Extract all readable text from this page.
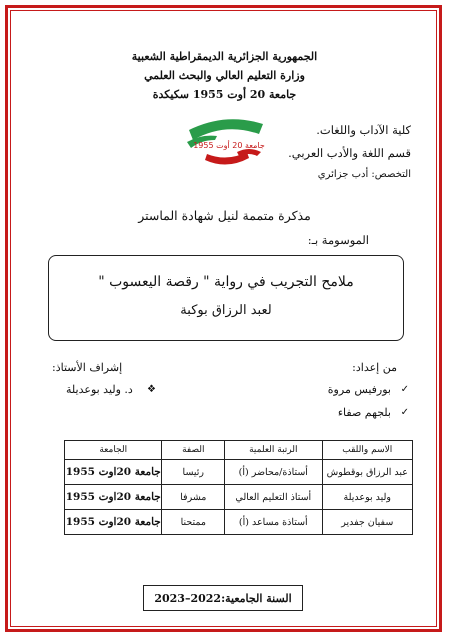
الجمهورية الجزائرية الديمقراطية الشعبية
وزارة التعليم العالي والبحث العلمي
جامعة 20 أوت 1955 سكيكدة
جامعة 20 أوت 1955
كلية الآداب واللغات.
قسم اللغة والأدب العربي.
التخصص: أدب جزائري
مذكرة متممة لنيل شهادة الماستر
الموسومة بـ:
ملامح التجريب في رواية " رقصة اليعسوب "
لعبد الرزاق بوكبة
من إعداد:
إشراف الأستاذ:
✓
بورفيس مروة
✓
بلجهم صفاء
❖
د. وليد بوعديلة
الاسم واللقب	الرتبة العلمية	الصفة	الجامعة
عبد الرزاق بوقطوش	أستاذة/محاضر (أ)	رئيسا	جامعة 20اوت 1955
وليد بوعديلة	أستاذ التعليم العالي	مشرفا	جامعة 20اوت 1955
سفيان جفدير	أستاذة مساعد (أ)	ممتحنا	جامعة 20اوت 1955
السنة الجامعية:2022–2023
